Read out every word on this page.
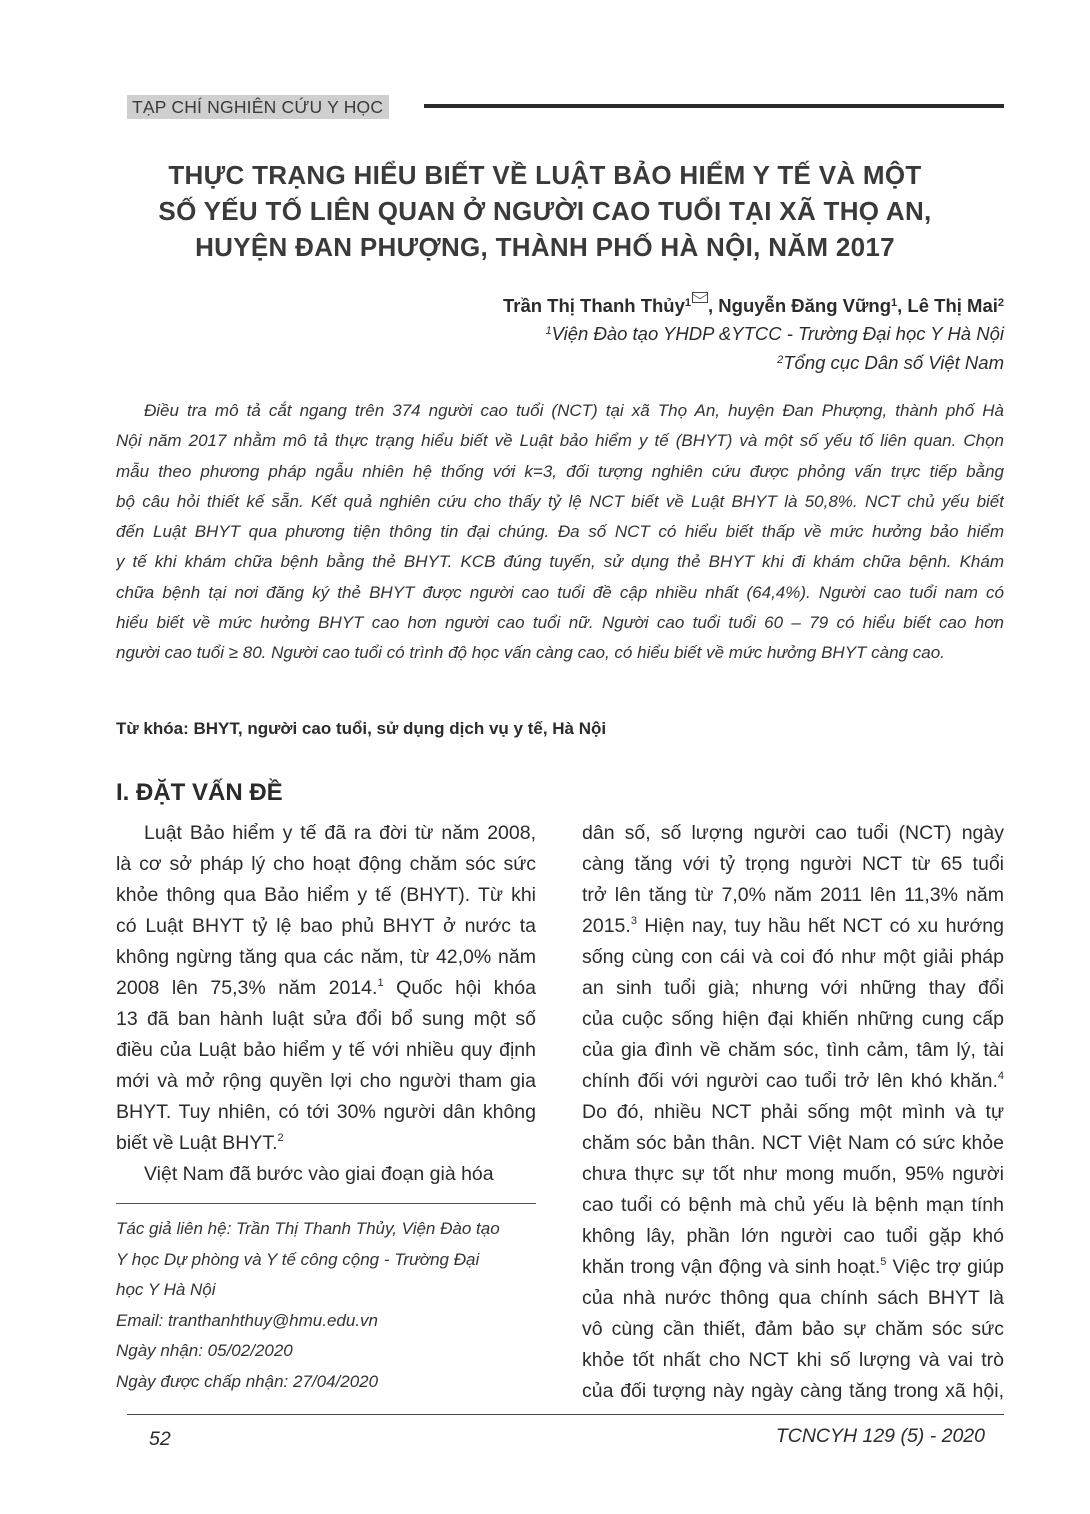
TẠP CHÍ NGHIÊN CỨU Y HỌC
THỰC TRẠNG HIỂU BIẾT VỀ LUẬT BẢO HIỂM Y TẾ VÀ MỘT
SỐ YẾU TỐ LIÊN QUAN Ở NGƯỜI CAO TUỔI TẠI XÃ THỌ AN,
HUYỆN ĐAN PHƯỢNG, THÀNH PHỐ HÀ NỘI, NĂM 2017
Trần Thị Thanh Thủy$^1$ , Nguyễn Đăng Vững$^1$, Lê Thị Mai$^2$
$^1$Viện Đào tạo YHDP &YTCC - Trường Đại học Y Hà Nội
$^2$Tổng cục Dân số Việt Nam
Điều tra mô tả cắt ngang trên 374 người cao tuổi (NCT) tại xã Thọ An, huyện Đan Phượng, thành phố Hà
Nội năm 2017 nhằm mô tả thực trạng hiểu biết về Luật bảo hiểm y tế (BHYT) và một số yếu tố liên quan. Chọn
mẫu theo phương pháp ngẫu nhiên hệ thống với k=3, đối tượng nghiên cứu được phỏng vấn trực tiếp bằng
bộ câu hỏi thiết kế sẵn. Kết quả nghiên cứu cho thấy tỷ lệ NCT biết về Luật BHYT là 50,8%. NCT chủ yếu biết
đến Luật BHYT qua phương tiện thông tin đại chúng. Đa số NCT có hiểu biết thấp về mức hưởng bảo hiểm
y tế khi khám chữa bệnh bằng thẻ BHYT. KCB đúng tuyến, sử dụng thẻ BHYT khi đi khám chữa bệnh. Khám
chữa bệnh tại nơi đăng ký thẻ BHYT được người cao tuổi đề cập nhiều nhất (64,4%). Người cao tuổi nam có
hiểu biết về mức hưởng BHYT cao hơn người cao tuổi nữ. Người cao tuổi tuổi 60 – 79 có hiểu biết cao hơn
người cao tuổi ≥ 80. Người cao tuổi có trình độ học vấn càng cao, có hiểu biết về mức hưởng BHYT càng cao.
Từ khóa: BHYT, người cao tuổi, sử dụng dịch vụ y tế, Hà Nội
I. ĐẶT VẤN ĐỀ
Luật Bảo hiểm y tế đã ra đời từ năm 2008,
là cơ sở pháp lý cho hoạt động chăm sóc sức
khỏe thông qua Bảo hiểm y tế (BHYT). Từ khi
có Luật BHYT tỷ lệ bao phủ BHYT ở nước ta
không ngừng tăng qua các năm, từ 42,0% năm
2008 lên 75,3% năm 2014.$^1$ Quốc hội khóa
13 đã ban hành luật sửa đổi bổ sung một số
điều của Luật bảo hiểm y tế với nhiều quy định
mới và mở rộng quyền lợi cho người tham gia
BHYT. Tuy nhiên, có tới 30% người dân không
biết về Luật BHYT.$^2$
Việt Nam đã bước vào giai đoạn già hóa
dân số, số lượng người cao tuổi (NCT) ngày
càng tăng với tỷ trọng người NCT từ 65 tuổi
trở lên tăng từ 7,0% năm 2011 lên 11,3% năm
2015.$^3$ Hiện nay, tuy hầu hết NCT có xu hướng
sống cùng con cái và coi đó như một giải pháp
an sinh tuổi già; nhưng với những thay đổi
của cuộc sống hiện đại khiến những cung cấp
của gia đình về chăm sóc, tình cảm, tâm lý, tài
chính đối với người cao tuổi trở lên khó khăn.$^4$
Do đó, nhiều NCT phải sống một mình và tự
chăm sóc bản thân. NCT Việt Nam có sức khỏe
chưa thực sự tốt như mong muốn, 95% người
cao tuổi có bệnh mà chủ yếu là bệnh mạn tính
không lây, phần lớn người cao tuổi gặp khó
khăn trong vận động và sinh hoạt.$^5$ Việc trợ giúp
của nhà nước thông qua chính sách BHYT là
vô cùng cần thiết, đảm bảo sự chăm sóc sức
khỏe tốt nhất cho NCT khi số lượng và vai trò
của đối tượng này ngày càng tăng trong xã hội,
Tác giả liên hệ: Trần Thị Thanh Thủy, Viện Đào tạo
Y học Dự phòng và Y tế công cộng - Trường Đại
học Y Hà Nội
Email: tranthanhthuy@hmu.edu.vn
Ngày nhận: 05/02/2020
Ngày được chấp nhận: 27/04/2020
52	TCNCYH 129 (5) - 2020
